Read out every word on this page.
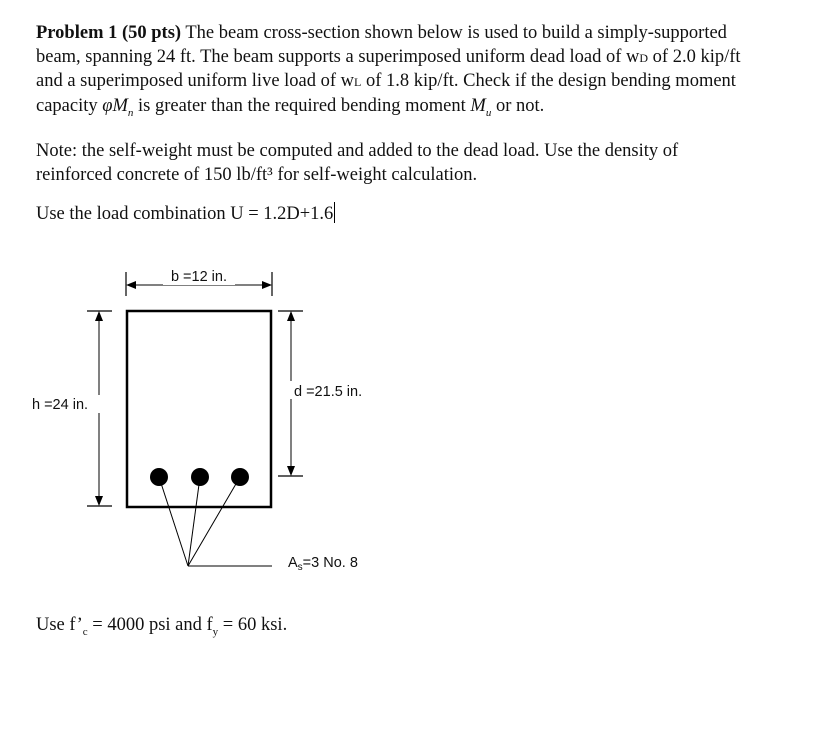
Problem 1 (50 pts) The beam cross-section shown below is used to build a simply-supported
beam, spanning 24 ft. The beam supports a superimposed uniform dead load of wD of 2.0 kip/ft
and a superimposed uniform live load of wL of 1.8 kip/ft. Check if the design bending moment
capacity $\varphi M_n$ is greater than the required bending moment $M_u$ or not.
Note: the self-weight must be computed and added to the dead load. Use the density of
reinforced concrete of 150 lb/ft³ for self-weight calculation.
Use the load combination U = 1.2D+1.6
b =12 in.
h =24 in.
d =21.5 in.
$A_s=3$ No. 8
Use $f’_c = 4000$ psi and $f_y = 60$ ksi.
